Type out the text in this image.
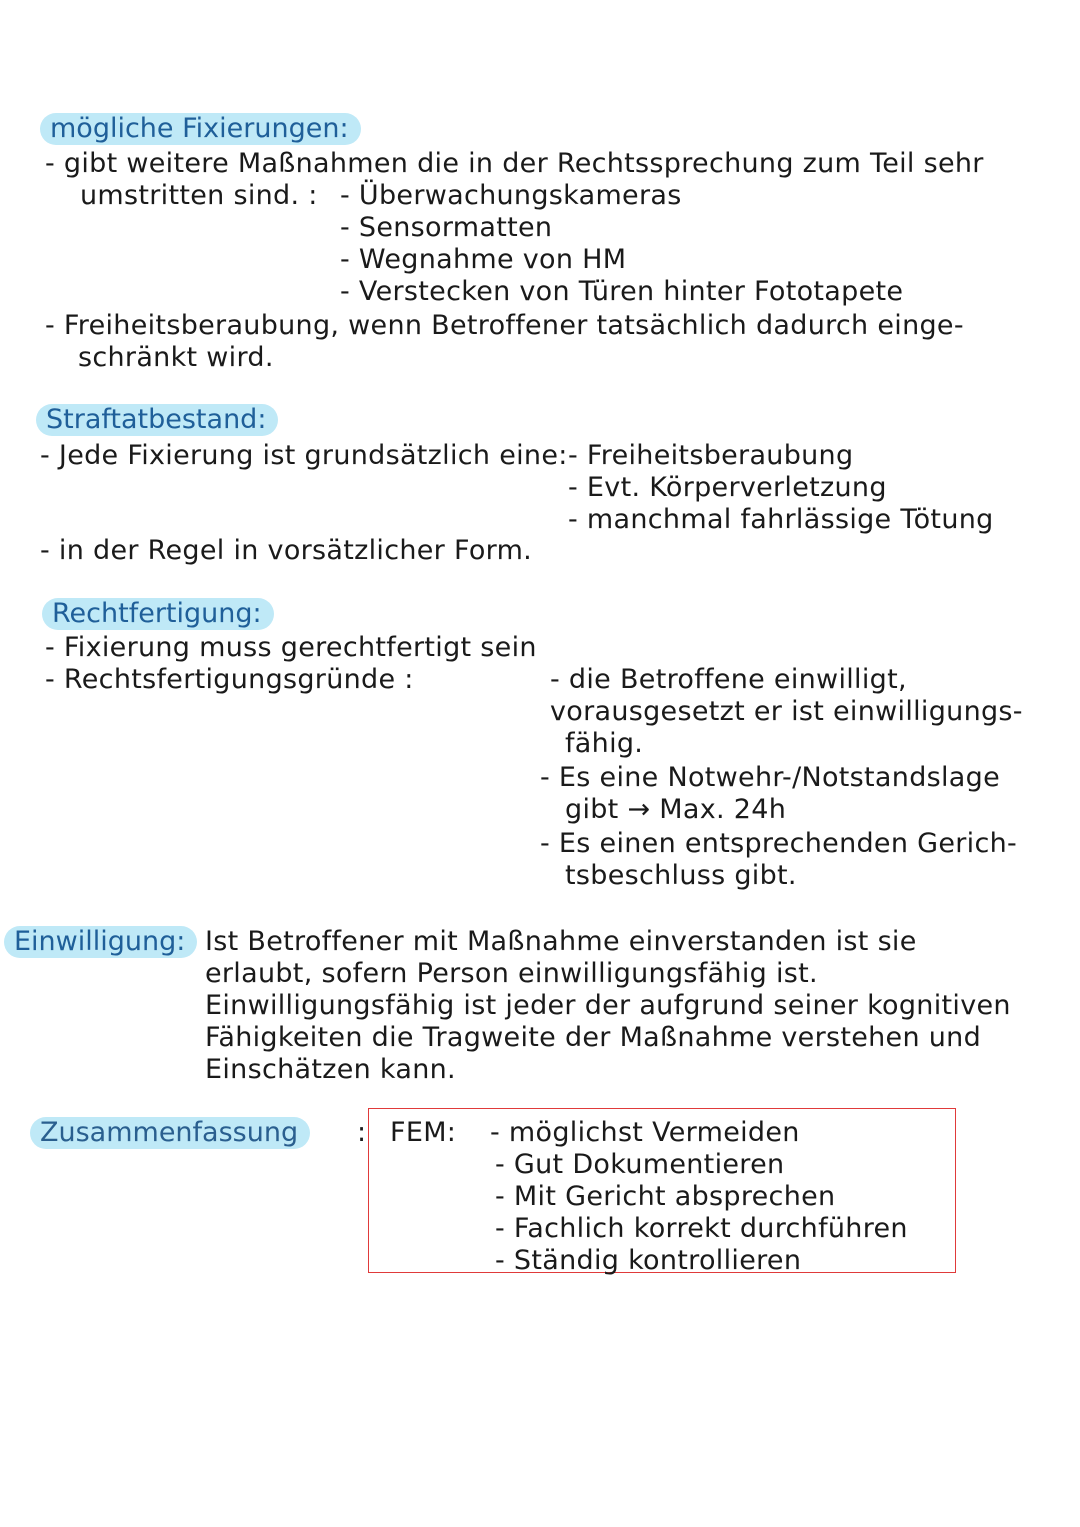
mögliche Fixierungen:
- gibt weitere Maßnahmen die in der Rechtssprechung zum Teil sehr
umstritten sind. : - Überwachungskameras
- Sensormatten
- Wegnahme von HM
- Verstecken von Türen hinter Fototapete
- Freiheitsberaubung, wenn Betroffener tatsächlich dadurch einge-
schränkt wird.
Straftatbestand:
- Jede Fixierung ist grundsätzlich eine: - Freiheitsberaubung
- Evt. Körperverletzung
- manchmal fahrlässige Tötung
- in der Regel in vorsätzlicher Form.
Rechtfertigung:
- Fixierung muss gerechtfertigt sein
- Rechtsfertigungsgründe :	- die Betroffene einwilligt,
vorausgesetzt er ist einwilligungs-
fähig.
- Es eine Notwehr-/Notstandslage
gibt → Max. 24h
- Es einen entsprechenden Gerich-
tsbeschluss gibt.
Einwilligung: Ist Betroffener mit Maßnahme einverstanden ist sie
erlaubt, sofern Person einwilligungsfähig ist.
Einwilligungsfähig ist jeder der aufgrund seiner kognitiven
Fähigkeiten die Tragweite der Maßnahme verstehen und
Einschätzen kann.
Zusammenfassung	: FEM: - möglichst Vermeiden
- Gut Dokumentieren
- Mit Gericht absprechen
- Fachlich korrekt durchführen
- Ständig kontrollieren
